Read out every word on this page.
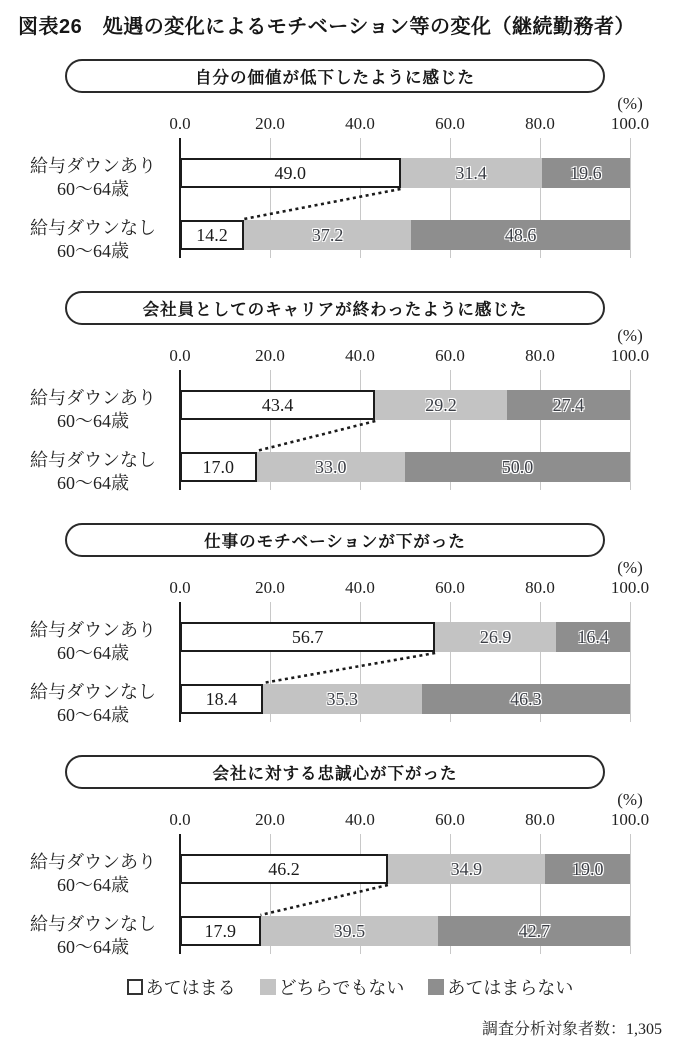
図表26　処遇の変化によるモチベーション等の変化（継続勤務者）
自分の価値が低下したように感じた
(%)
0.0	20.0	40.0	60.0	80.0	100.0
給与ダウンあり
60～64歳
49.0	31.4	19.6
給与ダウンなし
60～64歳
14.2	37.2	48.6
会社員としてのキャリアが終わったように感じた
(%)
0.0	20.0	40.0	60.0	80.0	100.0
給与ダウンあり
60～64歳
43.4	29.2	27.4
給与ダウンなし
60～64歳
17.0	33.0	50.0
仕事のモチベーションが下がった
(%)
0.0	20.0	40.0	60.0	80.0	100.0
給与ダウンあり
60～64歳
56.7	26.9	16.4
給与ダウンなし
60～64歳
18.4	35.3	46.3
会社に対する忠誠心が下がった
(%)
0.0	20.0	40.0	60.0	80.0	100.0
給与ダウンあり
60～64歳
46.2	34.9	19.0
給与ダウンなし
60～64歳
17.9	39.5	42.7
あてはまる どちらでもない あてはまらない
調査分析対象者数：1,305
